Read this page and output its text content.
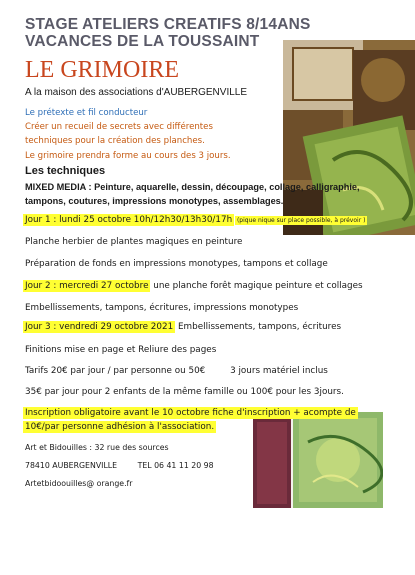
STAGE ATELIERS CREATIFS 8/14ANS
VACANCES DE LA TOUSSAINT
LE GRIMOIRE
A la maison des associations d'AUBERGENVILLE
Le prétexte et fil conducteur
Créer un recueil de secrets avec différentes
techniques pour la création des planches.
Le grimoire prendra forme au cours des 3 jours.
Les techniques
MIXED MEDIA : Peinture, aquarelle, dessin, découpage, collage, calligraphie,
tampons, coutures, impressions monotypes, assemblages.
Jour 1 : lundi 25 octobre 10h/12h30/13h30/17h (pique nique sur place possible, à prévoir )
Planche herbier de plantes magiques en peinture
Préparation de fonds en impressions monotypes, tampons et collage
Jour 2 : mercredi 27 octobre une planche forêt magique peinture et collages
Embellissements, tampons, écritures, impressions monotypes
Jour 3 : vendredi 29 octobre 2021 Embellissements, tampons, écritures
Finitions mise en page et Reliure des pages
Tarifs 20€ par jour / par personne ou 50€	3 jours matériel inclus
35€ par jour pour 2 enfants de la même famille ou 100€ pour les 3jours.
Inscription obligatoire avant le 10 octobre fiche d'inscription + acompte de
10€/par personne adhésion à l'association.
Art et Bidouilles : 32 rue des sources
78410 AUBERGENVILLE	TEL 06 41 11 20 98
Artetbidoouilles@ orange.fr
